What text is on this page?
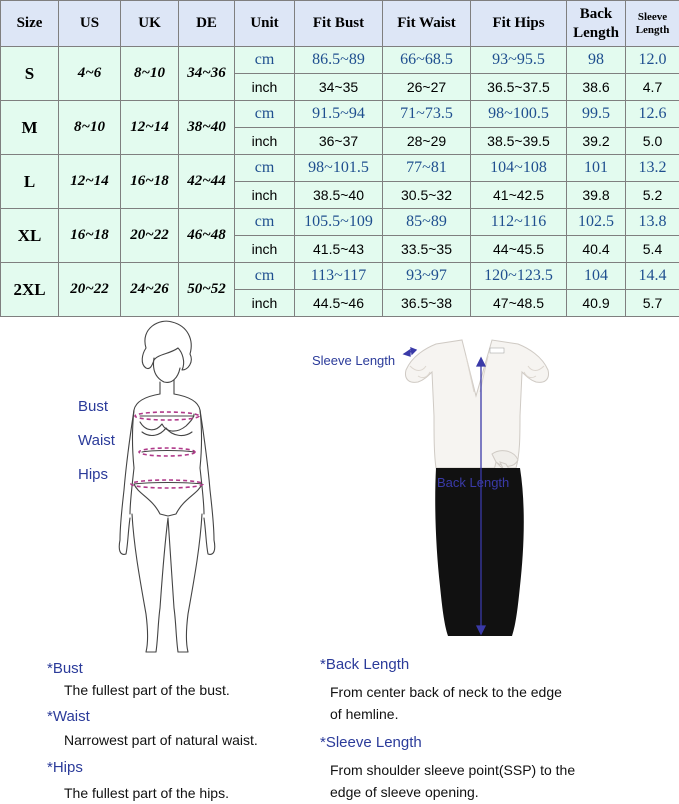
Size	US	UK	DE	Unit	Fit Bust	Fit Waist	Fit Hips	Back Length	Sleeve Length
S	4~6	8~10	34~36	cm	86.5~89	66~68.5	93~95.5	98	12.0
				inch	34~35	26~27	36.5~37.5	38.6	4.7
M	8~10	12~14	38~40	cm	91.5~94	71~73.5	98~100.5	99.5	12.6
				inch	36~37	28~29	38.5~39.5	39.2	5.0
L	12~14	16~18	42~44	cm	98~101.5	77~81	104~108	101	13.2
				inch	38.5~40	30.5~32	41~42.5	39.8	5.2
XL	16~18	20~22	46~48	cm	105.5~109	85~89	112~116	102.5	13.8
				inch	41.5~43	33.5~35	44~45.5	40.4	5.4
2XL	20~22	24~26	50~52	cm	113~117	93~97	120~123.5	104	14.4
				inch	44.5~46	36.5~38	47~48.5	40.9	5.7
Bust
Waist
Hips
Sleeve Length
Back Length
*Bust
The fullest part of the bust.
*Waist
Narrowest part of natural waist.
*Hips
The fullest part of the hips.
*Back Length
From center back of neck to the edge
of hemline.
*Sleeve Length
From shoulder sleeve point(SSP) to the
edge of sleeve opening.
